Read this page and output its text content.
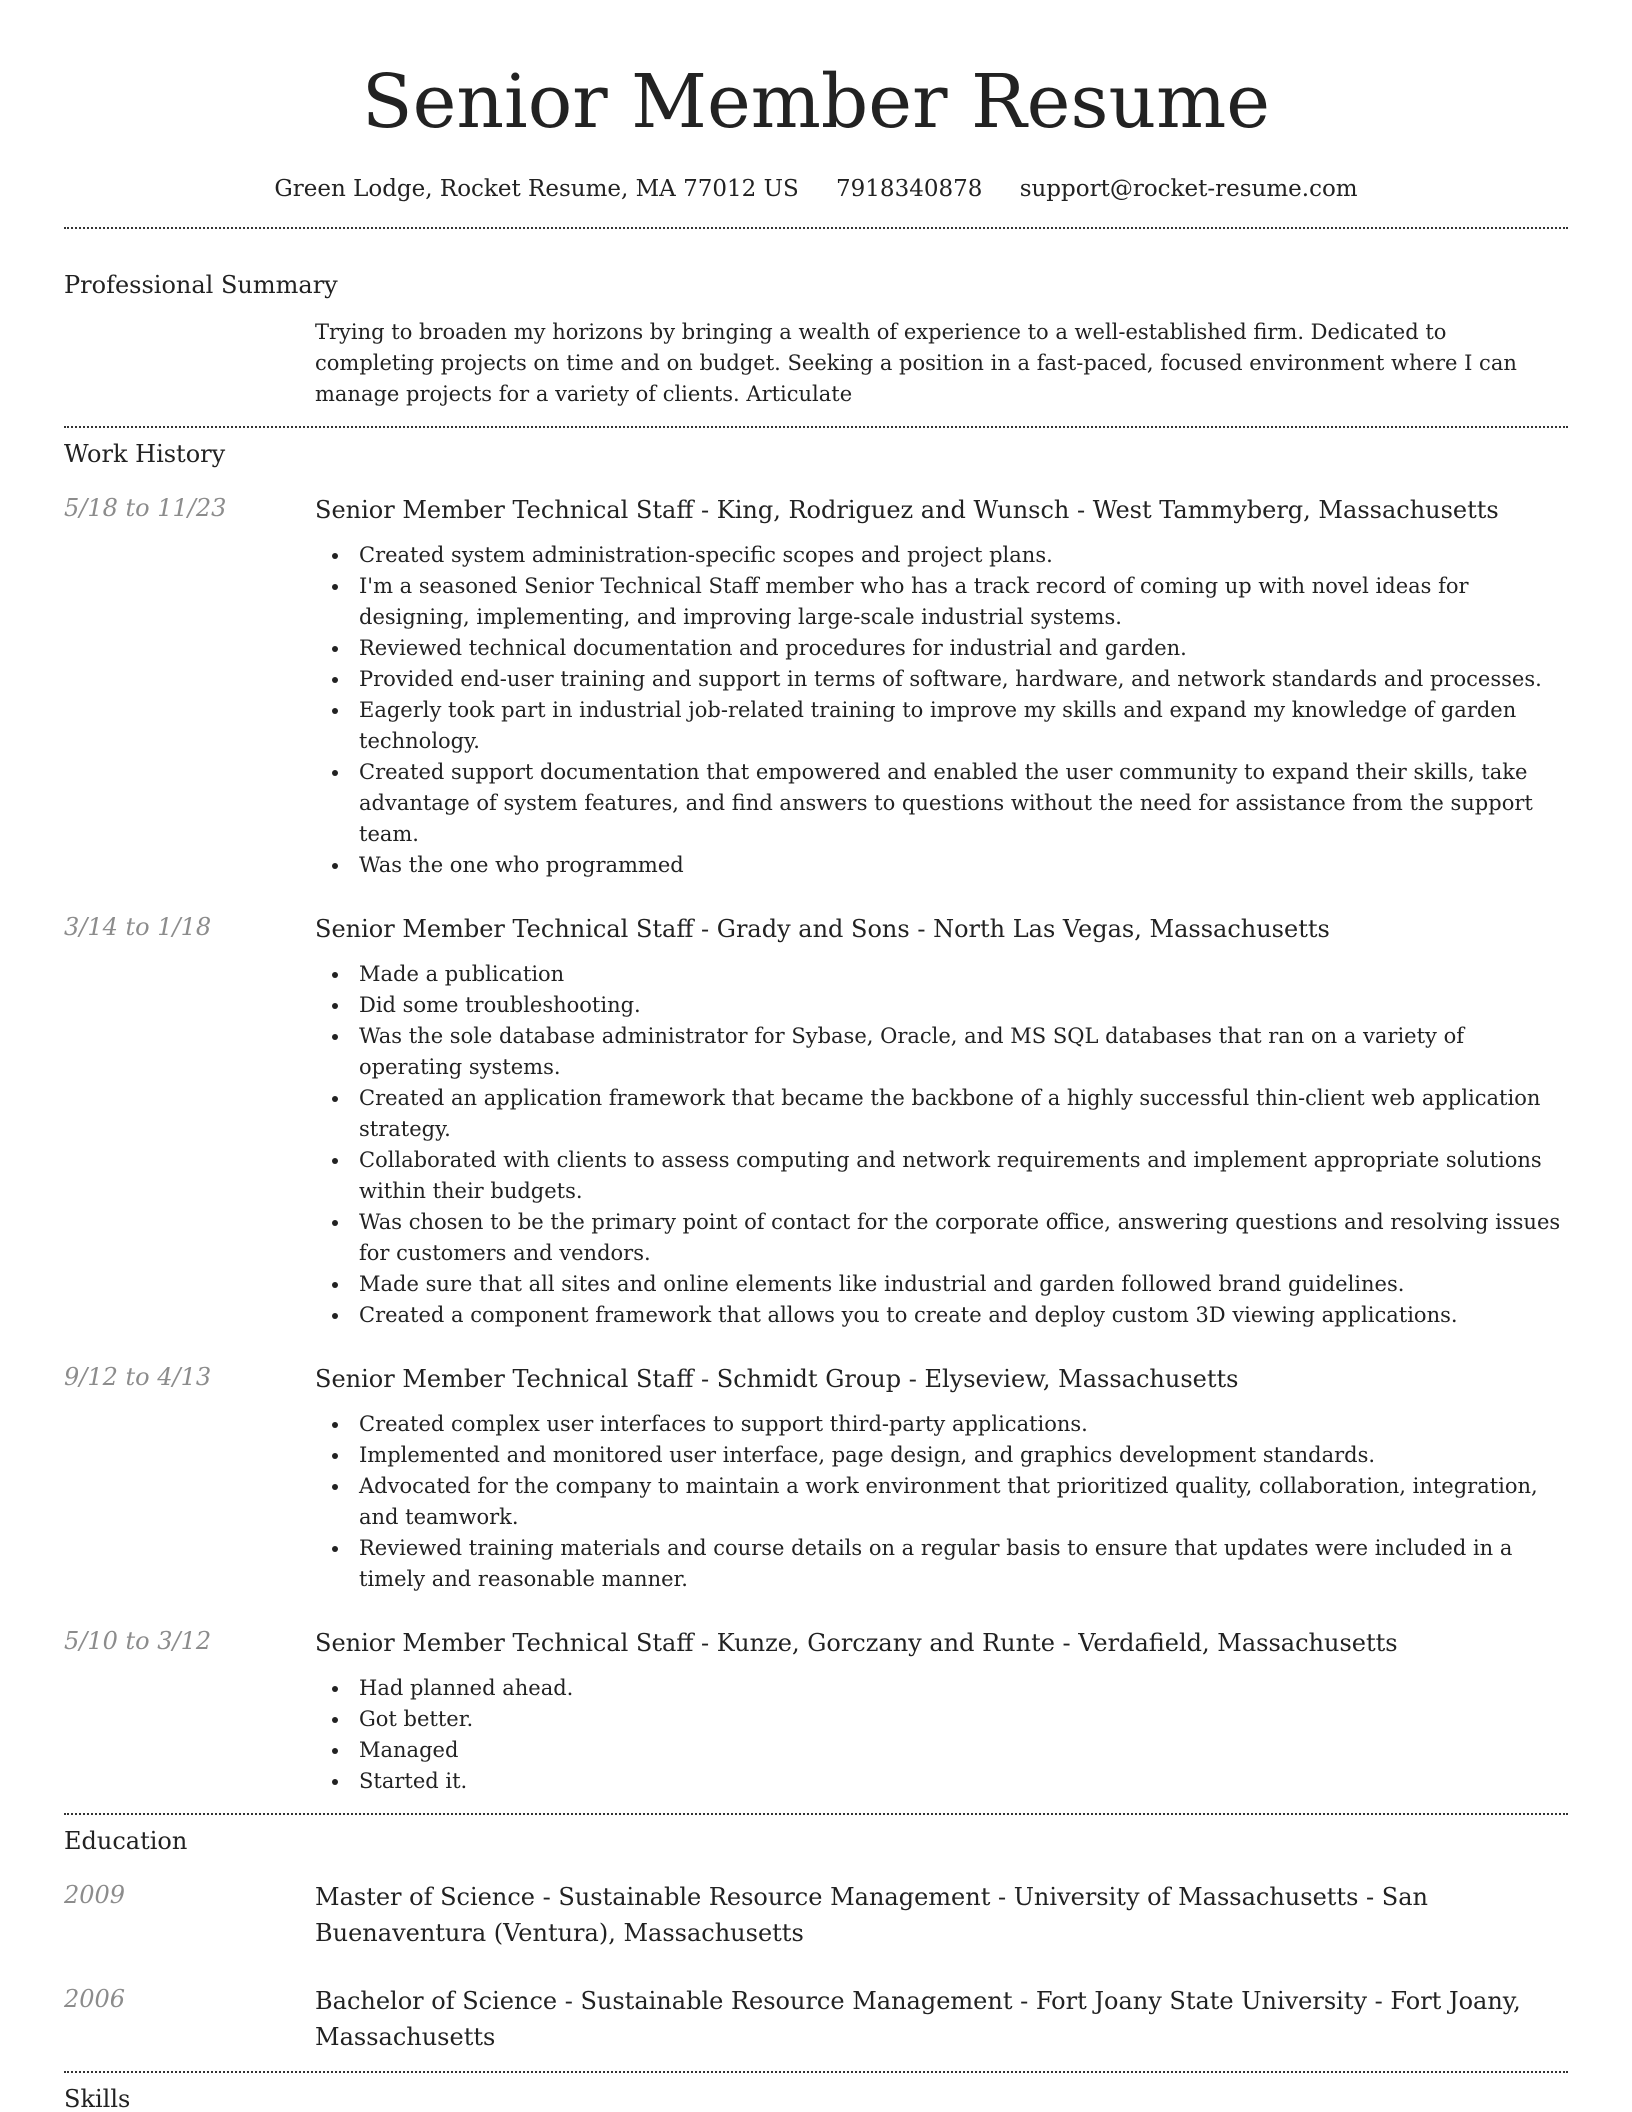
Senior Member Resume
Green Lodge, Rocket Resume, MA 77012 US 7918340878 support@rocket-resume.com
Professional Summary
Trying to broaden my horizons by bringing a wealth of experience to a well-established firm. Dedicated to completing projects on time and on budget. Seeking a position in a fast-paced, focused environment where I can manage projects for a variety of clients. Articulate
Work History
5/18 to 11/23	Senior Member Technical Staff - King, Rodriguez and Wunsch - West Tammyberg, Massachusetts
Created system administration-specific scopes and project plans.
I'm a seasoned Senior Technical Staff member who has a track record of coming up with novel ideas for designing, implementing, and improving large-scale industrial systems.
Reviewed technical documentation and procedures for industrial and garden.
Provided end-user training and support in terms of software, hardware, and network standards and processes.
Eagerly took part in industrial job-related training to improve my skills and expand my knowledge of garden technology.
Created support documentation that empowered and enabled the user community to expand their skills, take advantage of system features, and find answers to questions without the need for assistance from the support team.
Was the one who programmed
3/14 to 1/18	Senior Member Technical Staff - Grady and Sons - North Las Vegas, Massachusetts
Made a publication
Did some troubleshooting.
Was the sole database administrator for Sybase, Oracle, and MS SQL databases that ran on a variety of operating systems.
Created an application framework that became the backbone of a highly successful thin-client web application strategy.
Collaborated with clients to assess computing and network requirements and implement appropriate solutions within their budgets.
Was chosen to be the primary point of contact for the corporate office, answering questions and resolving issues for customers and vendors.
Made sure that all sites and online elements like industrial and garden followed brand guidelines.
Created a component framework that allows you to create and deploy custom 3D viewing applications.
9/12 to 4/13	Senior Member Technical Staff - Schmidt Group - Elyseview, Massachusetts
Created complex user interfaces to support third-party applications.
Implemented and monitored user interface, page design, and graphics development standards.
Advocated for the company to maintain a work environment that prioritized quality, collaboration, integration, and teamwork.
Reviewed training materials and course details on a regular basis to ensure that updates were included in a timely and reasonable manner.
5/10 to 3/12	Senior Member Technical Staff - Kunze, Gorczany and Runte - Verdafield, Massachusetts
Had planned ahead.
Got better.
Managed
Started it.
Education
2009	Master of Science - Sustainable Resource Management - University of Massachusetts - San Buenaventura (Ventura), Massachusetts
2006	Bachelor of Science - Sustainable Resource Management - Fort Joany State University - Fort Joany, Massachusetts
Skills
